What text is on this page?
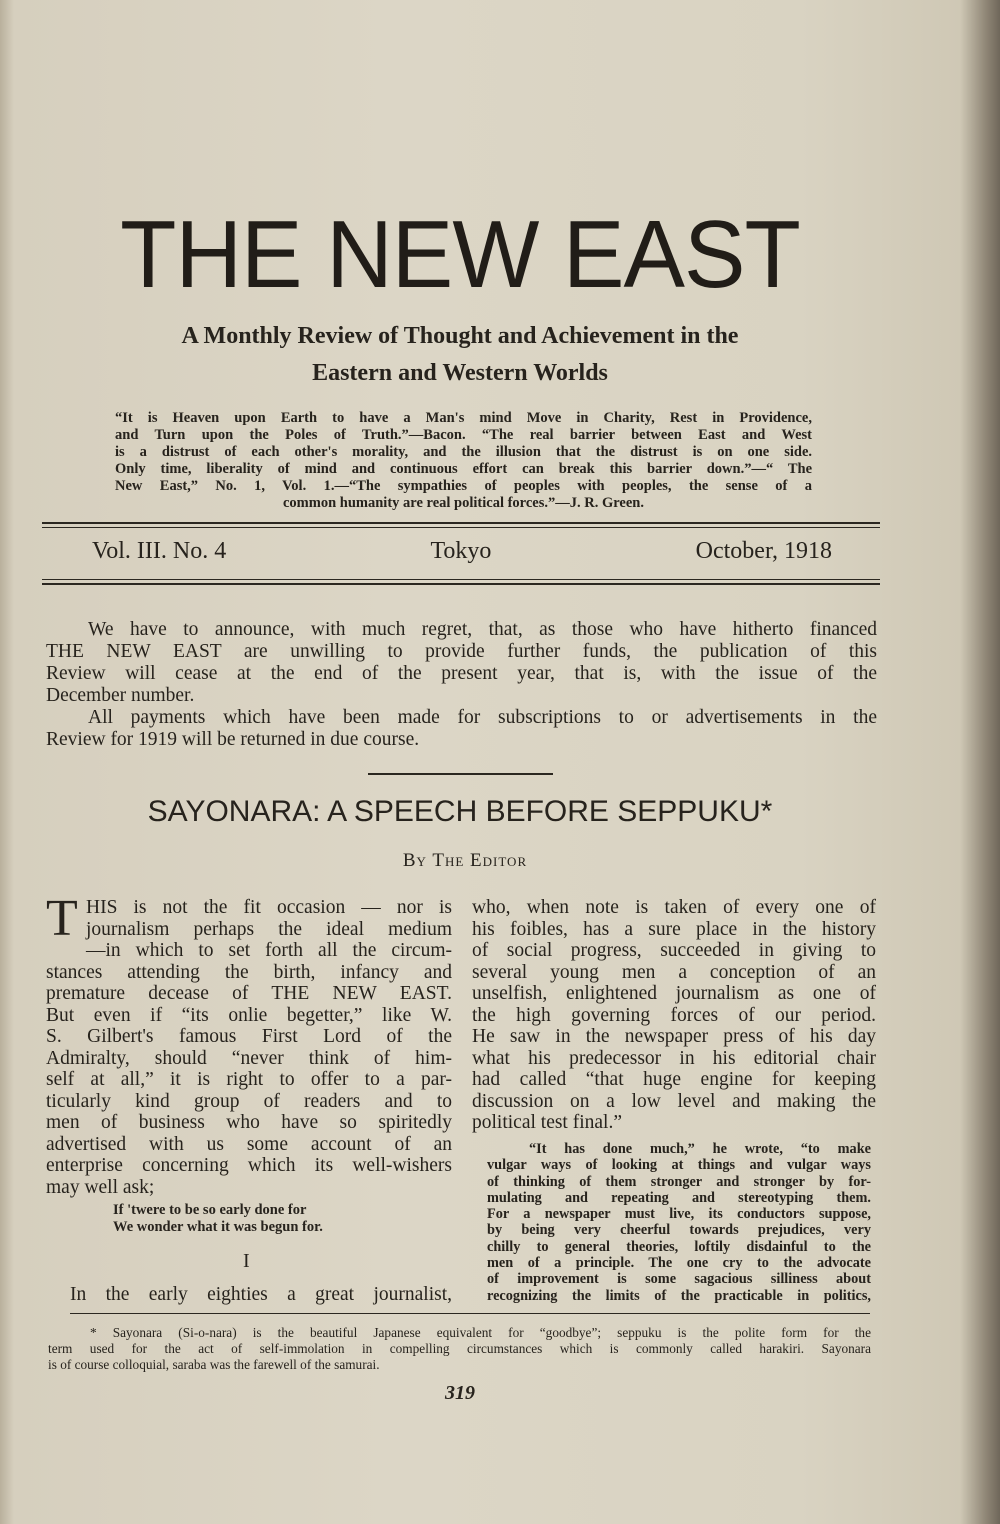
THE NEW EAST
A Monthly Review of Thought and Achievement in the
Eastern and Western Worlds
“It is Heaven upon Earth to have a Man's mind Move in Charity, Rest in Providence,
and Turn upon the Poles of Truth.”—Bacon. “The real barrier between East and West
is a distrust of each other's morality, and the illusion that the distrust is on one side.
Only time, liberality of mind and continuous effort can break this barrier down.”—“ The
New East,” No. 1, Vol. 1.—“The sympathies of peoples with peoples, the sense of a
common humanity are real political forces.”—J. R. Green.
Vol. III. No. 4	Tokyo	October, 1918
We have to announce, with much regret, that, as those who have hitherto financed
THE NEW EAST are unwilling to provide further funds, the publication of this
Review will cease at the end of the present year, that is, with the issue of the
December number.
All payments which have been made for subscriptions to or advertisements in the
Review for 1919 will be returned in due course.
SAYONARA: A SPEECH BEFORE SEPPUKU*
By The Editor
T HIS is not the fit occasion — nor is
journalism perhaps the ideal medium
—in which to set forth all the circum-
stances attending the birth, infancy and
premature decease of THE NEW EAST.
But even if “its onlie begetter,” like W.
S. Gilbert's famous First Lord of the
Admiralty, should “never think of him-
self at all,” it is right to offer to a par-
ticularly kind group of readers and to
men of business who have so spiritedly
advertised with us some account of an
enterprise concerning which its well-wishers
may well ask;
If 'twere to be so early done for
We wonder what it was begun for.
I
In the early eighties a great journalist,
who, when note is taken of every one of
his foibles, has a sure place in the history
of social progress, succeeded in giving to
several young men a conception of an
unselfish, enlightened journalism as one of
the high governing forces of our period.
He saw in the newspaper press of his day
what his predecessor in his editorial chair
had called “that huge engine for keeping
discussion on a low level and making the
political test final.”
“It has done much,” he wrote, “to make
vulgar ways of looking at things and vulgar ways
of thinking of them stronger and stronger by for-
mulating and repeating and stereotyping them.
For a newspaper must live, its conductors suppose,
by being very cheerful towards prejudices, very
chilly to general theories, loftily disdainful to the
men of a principle. The one cry to the advocate
of improvement is some sagacious silliness about
recognizing the limits of the practicable in politics,
* Sayonara (Si-o-nara) is the beautiful Japanese equivalent for “goodbye”; seppuku is the polite form for the
term used for the act of self-immolation in compelling circumstances which is commonly called harakiri. Sayonara
is of course colloquial, saraba was the farewell of the samurai.
319
